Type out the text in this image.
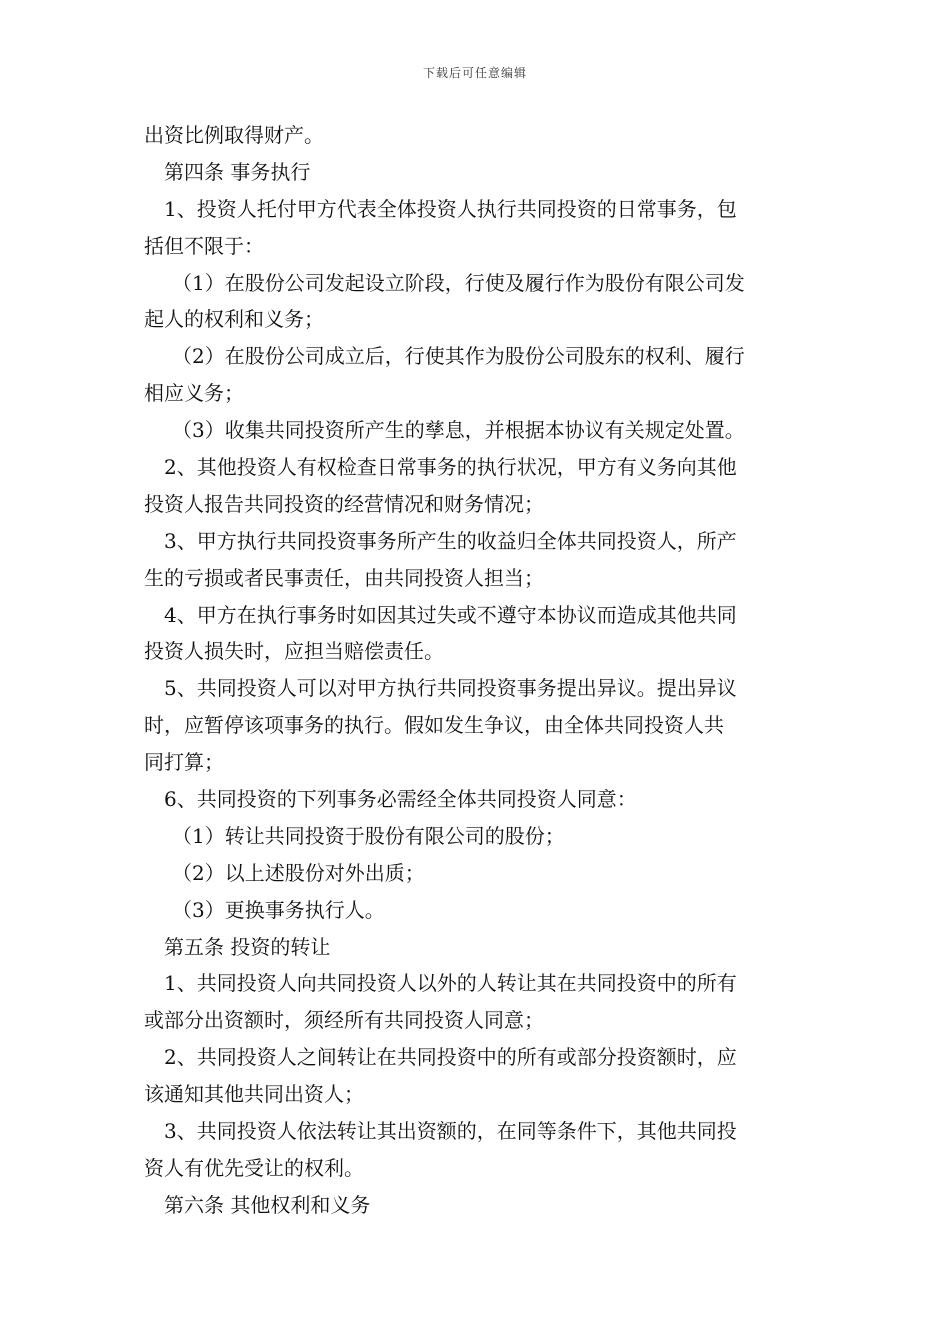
下载后可任意编辑
出资比例取得财产。
第四条 事务执行
1、投资人托付甲方代表全体投资人执行共同投资的日常事务，包
括但不限于：
（1）在股份公司发起设立阶段，行使及履行作为股份有限公司发
起人的权利和义务；
（2）在股份公司成立后，行使其作为股份公司股东的权利、履行
相应义务；
（3）收集共同投资所产生的孳息，并根据本协议有关规定处置。
2、其他投资人有权检查日常事务的执行状况，甲方有义务向其他
投资人报告共同投资的经营情况和财务情况；
3、甲方执行共同投资事务所产生的收益归全体共同投资人，所产
生的亏损或者民事责任，由共同投资人担当；
4、甲方在执行事务时如因其过失或不遵守本协议而造成其他共同
投资人损失时，应担当赔偿责任。
5、共同投资人可以对甲方执行共同投资事务提出异议。提出异议
时，应暂停该项事务的执行。假如发生争议，由全体共同投资人共
同打算；
6、共同投资的下列事务必需经全体共同投资人同意：
（1）转让共同投资于股份有限公司的股份；
（2）以上述股份对外出质；
（3）更换事务执行人。
第五条 投资的转让
1、共同投资人向共同投资人以外的人转让其在共同投资中的所有
或部分出资额时，须经所有共同投资人同意；
2、共同投资人之间转让在共同投资中的所有或部分投资额时，应
该通知其他共同出资人；
3、共同投资人依法转让其出资额的，在同等条件下，其他共同投
资人有优先受让的权利。
第六条 其他权利和义务
